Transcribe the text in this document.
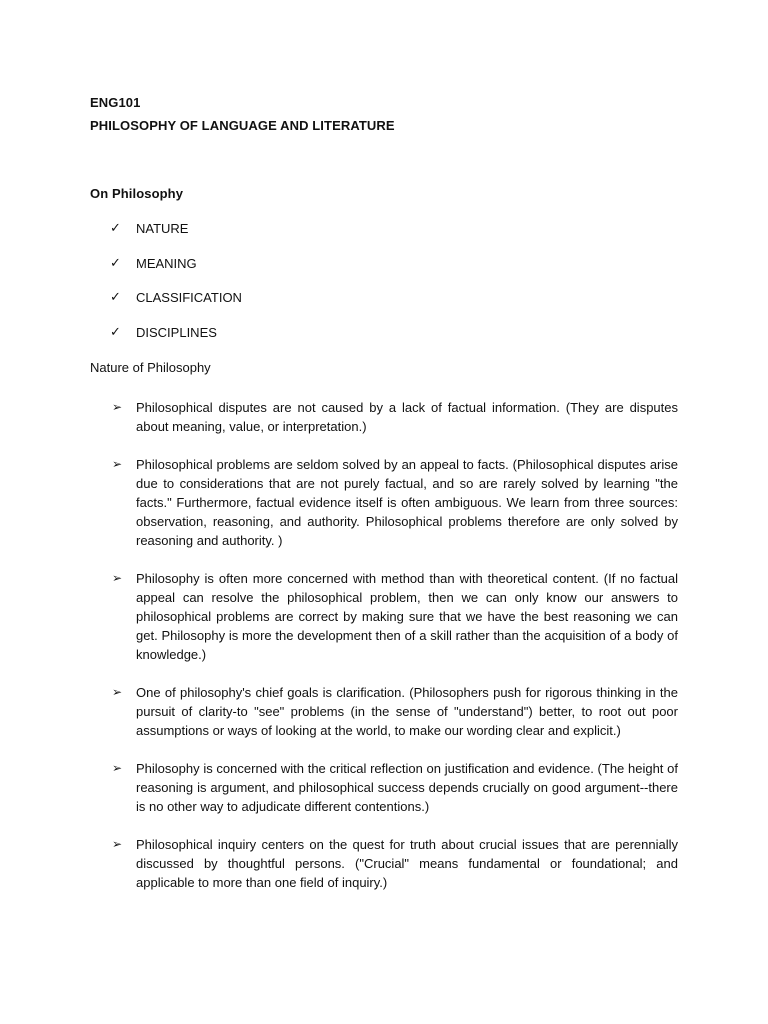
ENG101
PHILOSOPHY OF LANGUAGE AND LITERATURE
On Philosophy
✓	NATURE
✓	MEANING
✓	CLASSIFICATION
✓	DISCIPLINES
Nature of Philosophy
➢	Philosophical disputes are not caused by a lack of factual information. (They are disputes about meaning, value, or interpretation.)
➢	Philosophical problems are seldom solved by an appeal to facts. (Philosophical disputes arise due to considerations that are not purely factual, and so are rarely solved by learning "the facts." Furthermore, factual evidence itself is often ambiguous. We learn from three sources: observation, reasoning, and authority. Philosophical problems therefore are only solved by reasoning and authority. )
➢	Philosophy is often more concerned with method than with theoretical content. (If no factual appeal can resolve the philosophical problem, then we can only know our answers to philosophical problems are correct by making sure that we have the best reasoning we can get. Philosophy is more the development then of a skill rather than the acquisition of a body of knowledge.)
➢	One of philosophy's chief goals is clarification. (Philosophers push for rigorous thinking in the pursuit of clarity-to "see" problems (in the sense of "understand") better, to root out poor assumptions or ways of looking at the world, to make our wording clear and explicit.)
➢	Philosophy is concerned with the critical reflection on justification and evidence. (The height of reasoning is argument, and philosophical success depends crucially on good argument--there is no other way to adjudicate different contentions.)
➢	Philosophical inquiry centers on the quest for truth about crucial issues that are perennially discussed by thoughtful persons. ("Crucial" means fundamental or foundational; and applicable to more than one field of inquiry.)
